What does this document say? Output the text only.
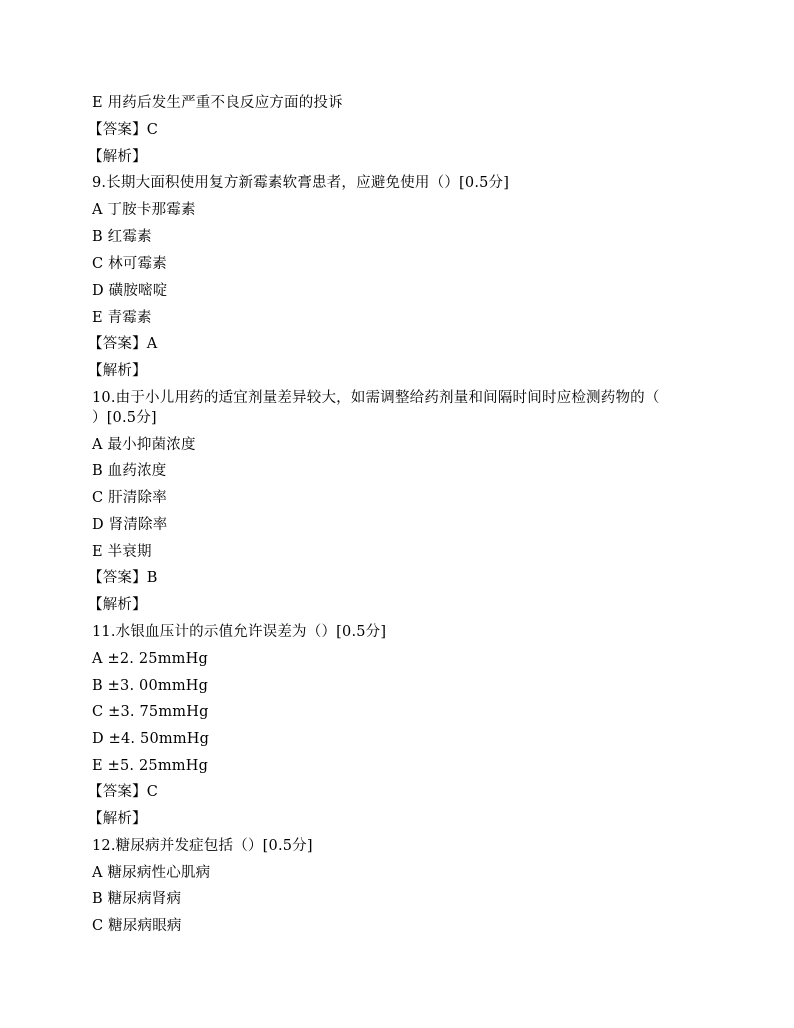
E 用药后发生严重不良反应方面的投诉
【答案】C
【解析】
9.长期大面积使用复方新霉素软膏患者，应避免使用（）[0.5分]
A 丁胺卡那霉素
B 红霉素
C 林可霉素
D 磺胺嘧啶
E 青霉素
【答案】A
【解析】
10.由于小儿用药的适宜剂量差异较大，如需调整给药剂量和间隔时间时应检测药物的（
）[0.5分]
A 最小抑菌浓度
B 血药浓度
C 肝清除率
D 肾清除率
E 半衰期
【答案】B
【解析】
11.水银血压计的示值允许误差为（）[0.5分]
A ±2. 25mmHg
B ±3. 00mmHg
C ±3. 75mmHg
D ±4. 50mmHg
E ±5. 25mmHg
【答案】C
【解析】
12.糖尿病并发症包括（）[0.5分]
A 糖尿病性心肌病
B 糖尿病肾病
C 糖尿病眼病
